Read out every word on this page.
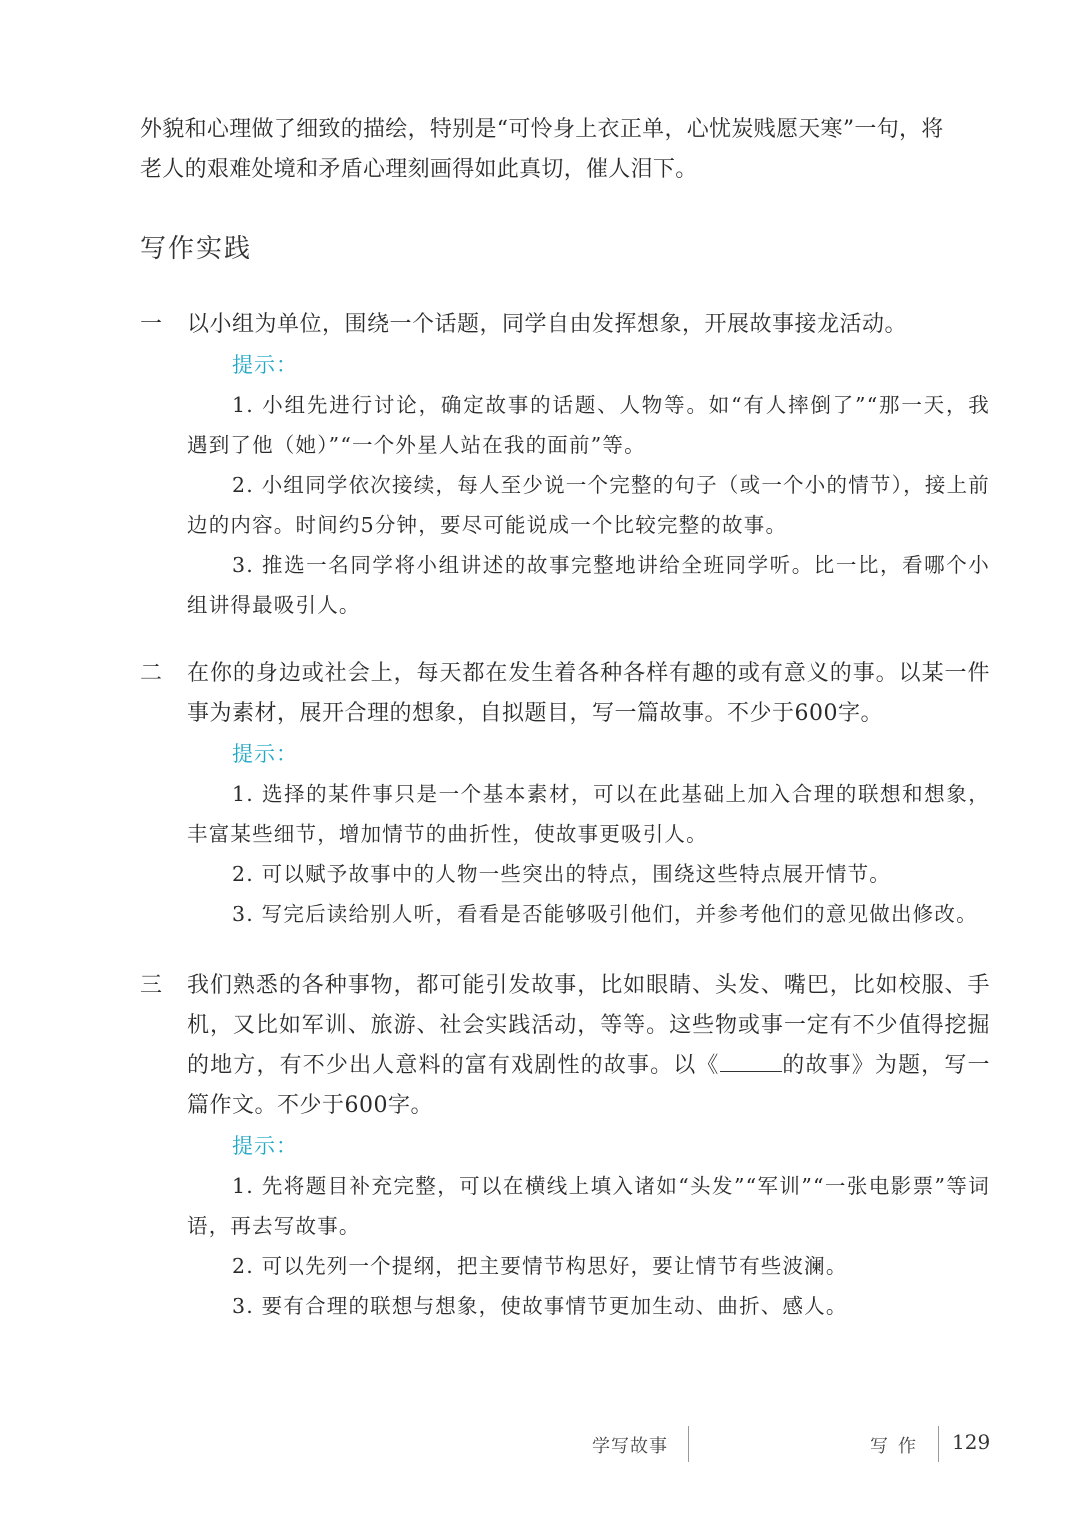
外貌和心理做了细致的描绘，特别是“可怜身上衣正单，心忧炭贱愿天寒”一句，将
老人的艰难处境和矛盾心理刻画得如此真切，催人泪下。
写作实践
一	以小组为单位，围绕一个话题，同学自由发挥想象，开展故事接龙活动。
提示：
1. 小组先进行讨论，确定故事的话题、人物等。如“有人摔倒了”“那一天，我遇到了他（她）”“一个外星人站在我的面前”等。
2. 小组同学依次接续，每人至少说一个完整的句子（或一个小的情节），接上前边的内容。时间约5分钟，要尽可能说成一个比较完整的故事。
3. 推选一名同学将小组讲述的故事完整地讲给全班同学听。比一比，看哪个小组讲得最吸引人。
二	在你的身边或社会上，每天都在发生着各种各样有趣的或有意义的事。以某一件事为素材，展开合理的想象，自拟题目，写一篇故事。不少于600字。
提示：
1. 选择的某件事只是一个基本素材，可以在此基础上加入合理的联想和想象，丰富某些细节，增加情节的曲折性，使故事更吸引人。
2. 可以赋予故事中的人物一些突出的特点，围绕这些特点展开情节。
3. 写完后读给别人听，看看是否能够吸引他们，并参考他们的意见做出修改。
三	我们熟悉的各种事物，都可能引发故事，比如眼睛、头发、嘴巴，比如校服、手机，又比如军训、旅游、社会实践活动，等等。这些物或事一定有不少值得挖掘的地方，有不少出人意料的富有戏剧性的故事。以《	的故事》为题，写一篇作文。不少于600字。
提示：
1. 先将题目补充完整，可以在横线上填入诸如“头发”“军训”“一张电影票”等词语，再去写故事。
2. 可以先列一个提纲，把主要情节构思好，要让情节有些波澜。
3. 要有合理的联想与想象，使故事情节更加生动、曲折、感人。
学写故事	写作 129
